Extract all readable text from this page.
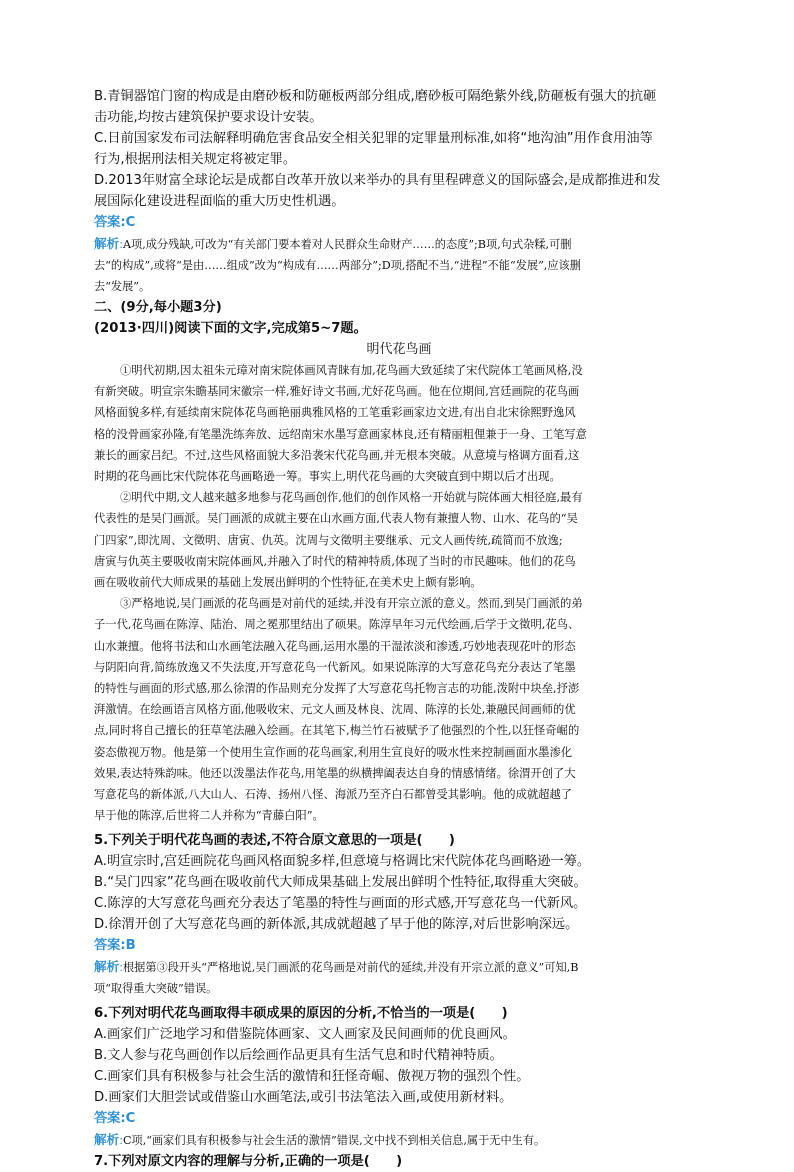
B.青铜器馆门窗的构成是由磨砂板和防砸板两部分组成,磨砂板可隔绝紫外线,防砸板有强大的抗砸
击功能,均按古建筑保护要求设计安装。
C.日前国家发布司法解释明确危害食品安全相关犯罪的定罪量刑标准,如将“地沟油”用作食用油等
行为,根据刑法相关规定将被定罪。
D.2013年财富全球论坛是成都自改革开放以来举办的具有里程碑意义的国际盛会,是成都推进和发
展国际化建设进程面临的重大历史性机遇。
答案:C
解析:A项,成分残缺,可改为“有关部门要本着对人民群众生命财产……的态度”;B项,句式杂糅,可删
去“的构成”,或将“是由……组成”改为“构成有……两部分”;D项,搭配不当,“进程”不能“发展”,应该删
去“发展”。
二、(9分,每小题3分)
(2013·四川)阅读下面的文字,完成第5~7题。
明代花鸟画
①明代初期,因太祖朱元璋对南宋院体画风青睐有加,花鸟画大致延续了宋代院体工笔画风格,没
有新突破。明宣宗朱瞻基同宋徽宗一样,雅好诗文书画,尤好花鸟画。他在位期间,宫廷画院的花鸟画
风格面貌多样,有延续南宋院体花鸟画艳丽典雅风格的工笔重彩画家边文进,有出自北宋徐熙野逸风
格的没骨画家孙隆,有笔墨洗练奔放、远绍南宋水墨写意画家林良,还有精丽粗俚兼于一身、工笔写意
兼长的画家吕纪。不过,这些风格面貌大多沿袭宋代花鸟画,并无根本突破。从意境与格调方面看,这
时期的花鸟画比宋代院体花鸟画略逊一筹。事实上,明代花鸟画的大突破直到中期以后才出现。
②明代中期,文人越来越多地参与花鸟画创作,他们的创作风格一开始就与院体画大相径庭,最有
代表性的是吴门画派。吴门画派的成就主要在山水画方面,代表人物有兼擅人物、山水、花鸟的“吴
门四家”,即沈周、文徵明、唐寅、仇英。沈周与文徵明主要继承、元文人画传统,疏简而不放逸;
唐寅与仇英主要吸收南宋院体画风,并融入了时代的精神特质,体现了当时的市民趣味。他们的花鸟
画在吸收前代大师成果的基础上发展出鲜明的个性特征,在美术史上颇有影响。
③严格地说,吴门画派的花鸟画是对前代的延续,并没有开宗立派的意义。然而,到吴门画派的弟
子一代,花鸟画在陈淳、陆治、周之冕那里结出了硕果。陈淳早年习元代绘画,后学于文徵明,花鸟、
山水兼擅。他将书法和山水画笔法融入花鸟画,运用水墨的干湿浓淡和渗透,巧妙地表现花叶的形态
与阴阳向背,简练放逸又不失法度,开写意花鸟一代新风。如果说陈淳的大写意花鸟充分表达了笔墨
的特性与画面的形式感,那么徐渭的作品则充分发挥了大写意花鸟托物言志的功能,泼附中块垒,抒澎
湃激情。在绘画语言风格方面,他吸收宋、元文人画及林良、沈周、陈淳的长处,兼融民间画师的优
点,同时将自己擅长的狂草笔法融入绘画。在其笔下,梅兰竹石被赋予了他强烈的个性,以狂怪奇崛的
姿态傲视万物。他是第一个使用生宣作画的花鸟画家,利用生宣良好的吸水性来控制画面水墨渗化
效果,表达特殊韵味。他还以泼墨法作花鸟,用笔墨的纵横捭阖表达自身的情感情绪。徐渭开创了大
写意花鸟的新体派,八大山人、石涛、扬州八怪、海派乃至齐白石都曾受其影响。他的成就超越了
早于他的陈淳,后世将二人并称为“青藤白阳”。
5.下列关于明代花鸟画的表述,不符合原文意思的一项是(　　)
A.明宣宗时,宫廷画院花鸟画风格面貌多样,但意境与格调比宋代院体花鸟画略逊一筹。
B.“吴门四家”花鸟画在吸收前代大师成果基础上发展出鲜明个性特征,取得重大突破。
C.陈淳的大写意花鸟画充分表达了笔墨的特性与画面的形式感,开写意花鸟一代新风。
D.徐渭开创了大写意花鸟画的新体派,其成就超越了早于他的陈淳,对后世影响深远。
答案:B
解析:根据第③段开头“严格地说,吴门画派的花鸟画是对前代的延续,并没有开宗立派的意义”可知,B
项“取得重大突破”错误。
6.下列对明代花鸟画取得丰硕成果的原因的分析,不恰当的一项是(　　)
A.画家们广泛地学习和借鉴院体画家、文人画家及民间画师的优良画风。
B.文人参与花鸟画创作以后绘画作品更具有生活气息和时代精神特质。
C.画家们具有积极参与社会生活的激情和狂怪奇崛、傲视万物的强烈个性。
D.画家们大胆尝试或借鉴山水画笔法,或引书法笔法入画,或使用新材料。
答案:C
解析:C项,“画家们具有积极参与社会生活的激情”错误,文中找不到相关信息,属于无中生有。
7.下列对原文内容的理解与分析,正确的一项是(　　)
